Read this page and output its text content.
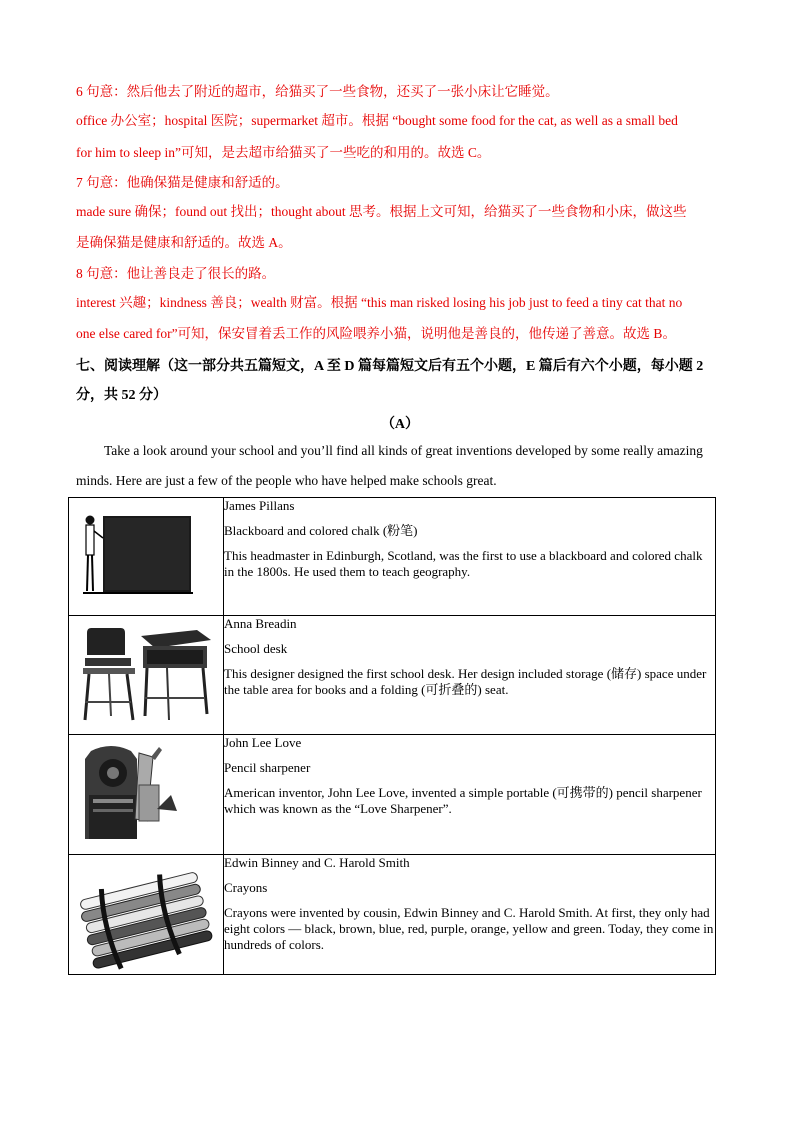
6 句意：然后他去了附近的超市，给猫买了一些食物，还买了一张小床让它睡觉。
office 办公室；hospital 医院；supermarket 超市。根据 “bought some food for the cat, as well as a small bed
for him to sleep in”可知，是去超市给猫买了一些吃的和用的。故选 C。
7 句意：他确保猫是健康和舒适的。
made sure 确保；found out 找出；thought about 思考。根据上文可知，给猫买了一些食物和小床，做这些
是确保猫是健康和舒适的。故选 A。
8 句意：他让善良走了很长的路。
interest 兴趣；kindness 善良；wealth 财富。根据 “this man risked losing his job just to feed a tiny cat that no
one else cared for”可知，保安冒着丢工作的风险喂养小猫，说明他是善良的，他传递了善意。故选 B。
七、阅读理解（这一部分共五篇短文，A 至 D 篇每篇短文后有五个小题，E 篇后有六个小题，每小题 2
分，共 52 分）
（A）
Take a look around your school and you’ll find all kinds of great inventions developed by some really amazing minds. Here are just a few of the people who have helped make schools great.

James Pillans

Blackboard and colored chalk (粉笔)

This headmaster in Edinburgh, Scotland, was the first to use a blackboard and colored chalk in the 1800s. He used them to teach geography.

Anna Breadin

School desk

This designer designed the first school desk. Her design included storage (储存) space under the table area for books and a folding (可折叠的) seat.

John Lee Love

Pencil sharpener

American inventor, John Lee Love, invented a simple portable (可携带的) pencil sharpener which was known as the “Love Sharpener”.

Edwin Binney and C. Harold Smith

Crayons

Crayons were invented by cousin, Edwin Binney and C. Harold Smith. At first, they only had eight colors — black, brown, blue, red, purple, orange, yellow and green. Today, they come in hundreds of colors.
